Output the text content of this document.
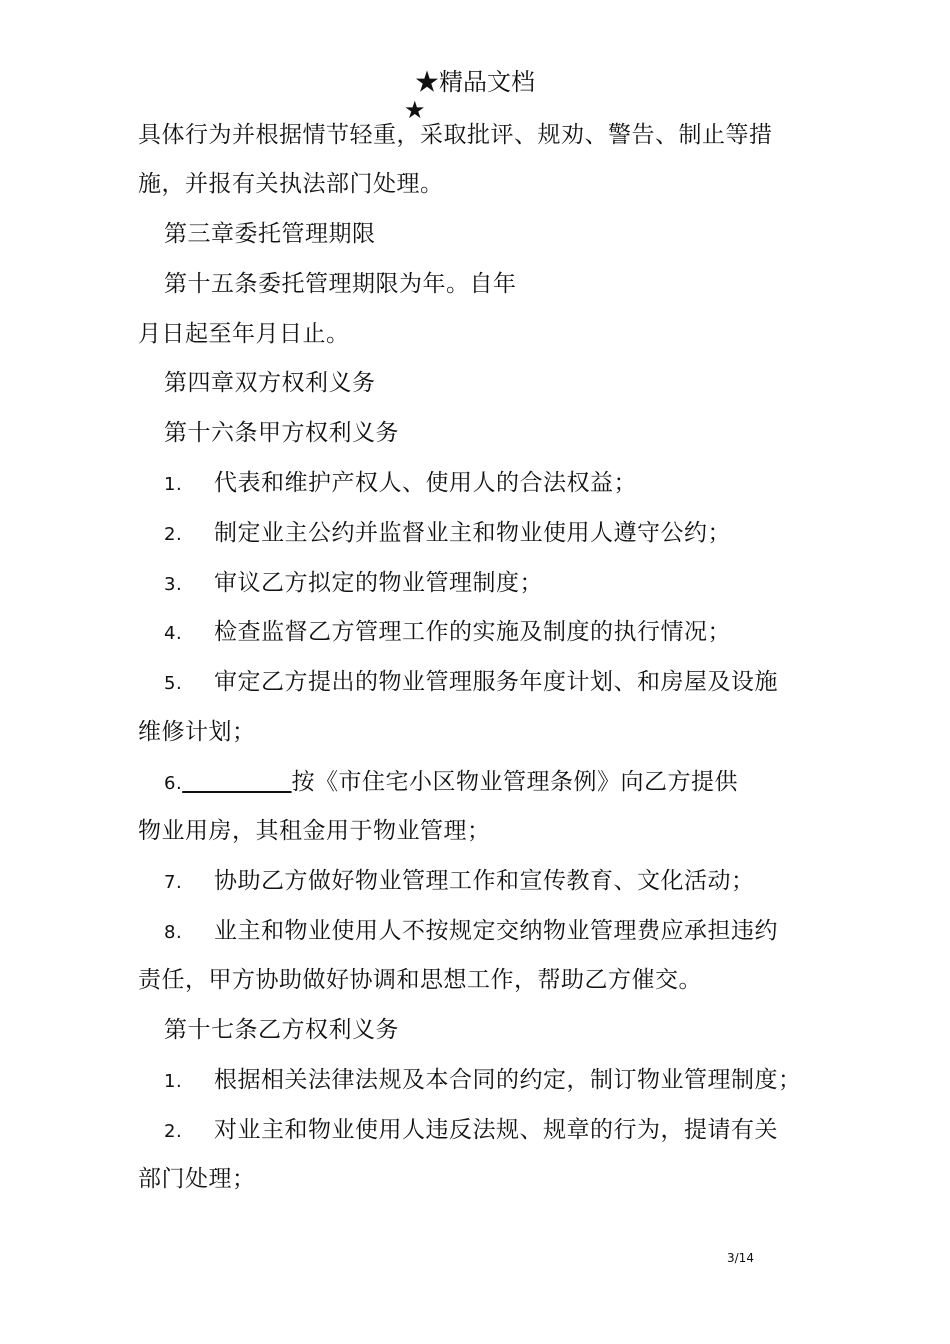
★精品文档
★
具体行为并根据情节轻重，采取批评、规劝、警告、制止等措
施，并报有关执法部门处理。
第三章委托管理期限
第十五条委托管理期限为年。自年
月日起至年月日止。
第四章双方权利义务
第十六条甲方权利义务
1. 代表和维护产权人、使用人的合法权益；
2. 制定业主公约并监督业主和物业使用人遵守公约；
3. 审议乙方拟定的物业管理制度；
4. 检查监督乙方管理工作的实施及制度的执行情况；
5. 审定乙方提出的物业管理服务年度计划、和房屋及设施
维修计划；
6.	按《市住宅小区物业管理条例》向乙方提供
物业用房，其租金用于物业管理；
7. 协助乙方做好物业管理工作和宣传教育、文化活动；
8. 业主和物业使用人不按规定交纳物业管理费应承担违约
责任，甲方协助做好协调和思想工作，帮助乙方催交。
第十七条乙方权利义务
1. 根据相关法律法规及本合同的约定，制订物业管理制度；
2. 对业主和物业使用人违反法规、规章的行为，提请有关
部门处理；
3/14
